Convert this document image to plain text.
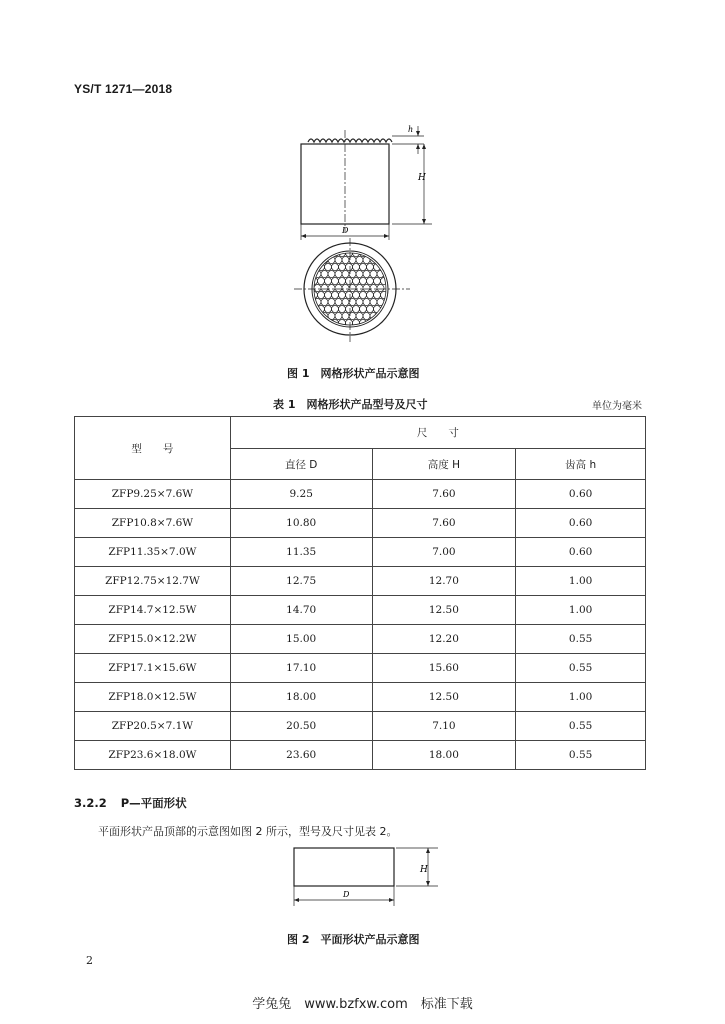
YS/T 1271—2018
h
H
D
图 1　网格形状产品示意图
表 1　网格形状产品型号及尺寸	单位为毫米
型　　号	尺　　寸		
	直径 D	高度 H	齿高 h
ZFP9.25×7.6W	9.25	7.60	0.60
ZFP10.8×7.6W	10.80	7.60	0.60
ZFP11.35×7.0W	11.35	7.00	0.60
ZFP12.75×12.7W	12.75	12.70	1.00
ZFP14.7×12.5W	14.70	12.50	1.00
ZFP15.0×12.2W	15.00	12.20	0.55
ZFP17.1×15.6W	17.10	15.60	0.55
ZFP18.0×12.5W	18.00	12.50	1.00
ZFP20.5×7.1W	20.50	7.10	0.55
ZFP23.6×18.0W	23.60	18.00	0.55
3.2.2 P—平面形状
平面形状产品顶部的示意图如图 2 所示，型号及尺寸见表 2。
H
D
图 2　平面形状产品示意图
2
学兔兔　www.bzfxw.com　标准下载
